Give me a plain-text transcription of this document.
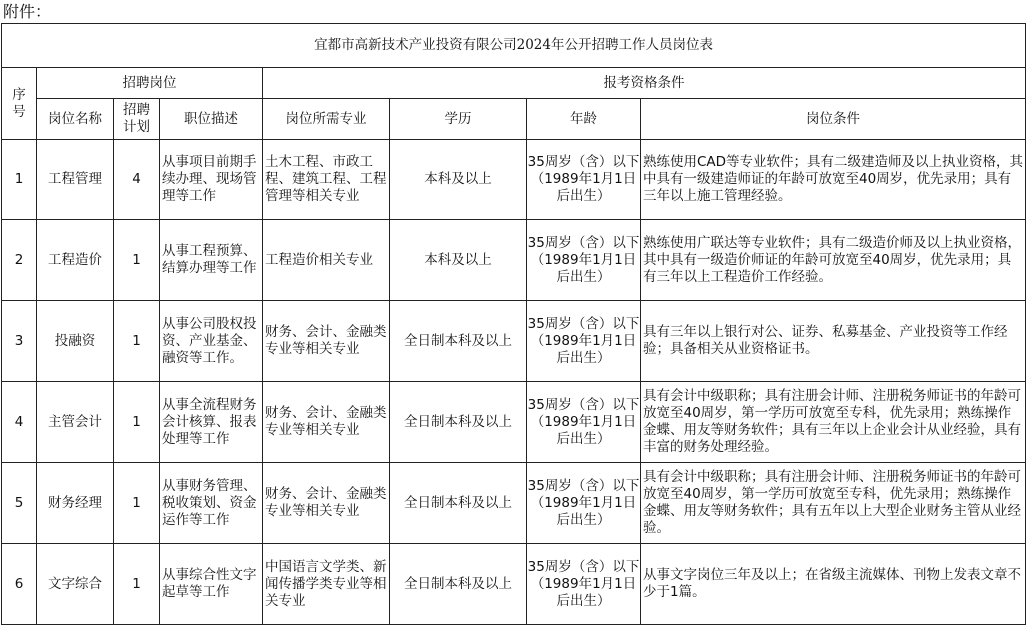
附件：
宜都市高新技术产业投资有限公司2024年公开招聘工作人员岗位表							
序号	招聘岗位			报考资格条件			
	岗位名称	招聘计划	职位描述	岗位所需专业	学历	年龄	岗位条件
1	工程管理	4	从事项目前期手续办理、现场管理等工作	土木工程、市政工程、建筑工程、工程管理等相关专业	本科及以上	35周岁（含）以下（1989年1月1日后出生）	熟练使用CAD等专业软件；具有二级建造师及以上执业资格，其中具有一级建造师证的年龄可放宽至40周岁，优先录用；具有三年以上施工管理经验。
2	工程造价	1	从事工程预算、结算办理等工作	工程造价相关专业	本科及以上	35周岁（含）以下（1989年1月1日后出生）	熟练使用广联达等专业软件；具有二级造价师及以上执业资格，其中具有一级造价师证的年龄可放宽至40周岁，优先录用；具有三年以上工程造价工作经验。
3	投融资	1	从事公司股权投资、产业基金、融资等工作。	财务、会计、金融类专业等相关专业	全日制本科及以上	35周岁（含）以下（1989年1月1日后出生）	具有三年以上银行对公、证券、私募基金、产业投资等工作经验；具备相关从业资格证书。
4	主管会计	1	从事全流程财务会计核算、报表处理等工作	财务、会计、金融类专业等相关专业	全日制本科及以上	35周岁（含）以下（1989年1月1日后出生）	具有会计中级职称；具有注册会计师、注册税务师证书的年龄可放宽至40周岁，第一学历可放宽至专科，优先录用；熟练操作金蝶、用友等财务软件；具有三年以上企业会计从业经验，具有丰富的财务处理经验。
5	财务经理	1	从事财务管理、税收策划、资金运作等工作	财务、会计、金融类专业等相关专业	全日制本科及以上	35周岁（含）以下（1989年1月1日后出生）	具有会计中级职称；具有注册会计师、注册税务师证书的年龄可放宽至40周岁，第一学历可放宽至专科，优先录用；熟练操作金蝶、用友等财务软件；具有五年以上大型企业财务主管从业经验。
6	文字综合	1	从事综合性文字起草等工作	中国语言文学类、新闻传播学类专业等相关专业	全日制本科及以上	35周岁（含）以下（1989年1月1日后出生）	从事文字岗位三年及以上；在省级主流媒体、刊物上发表文章不少于1篇。
